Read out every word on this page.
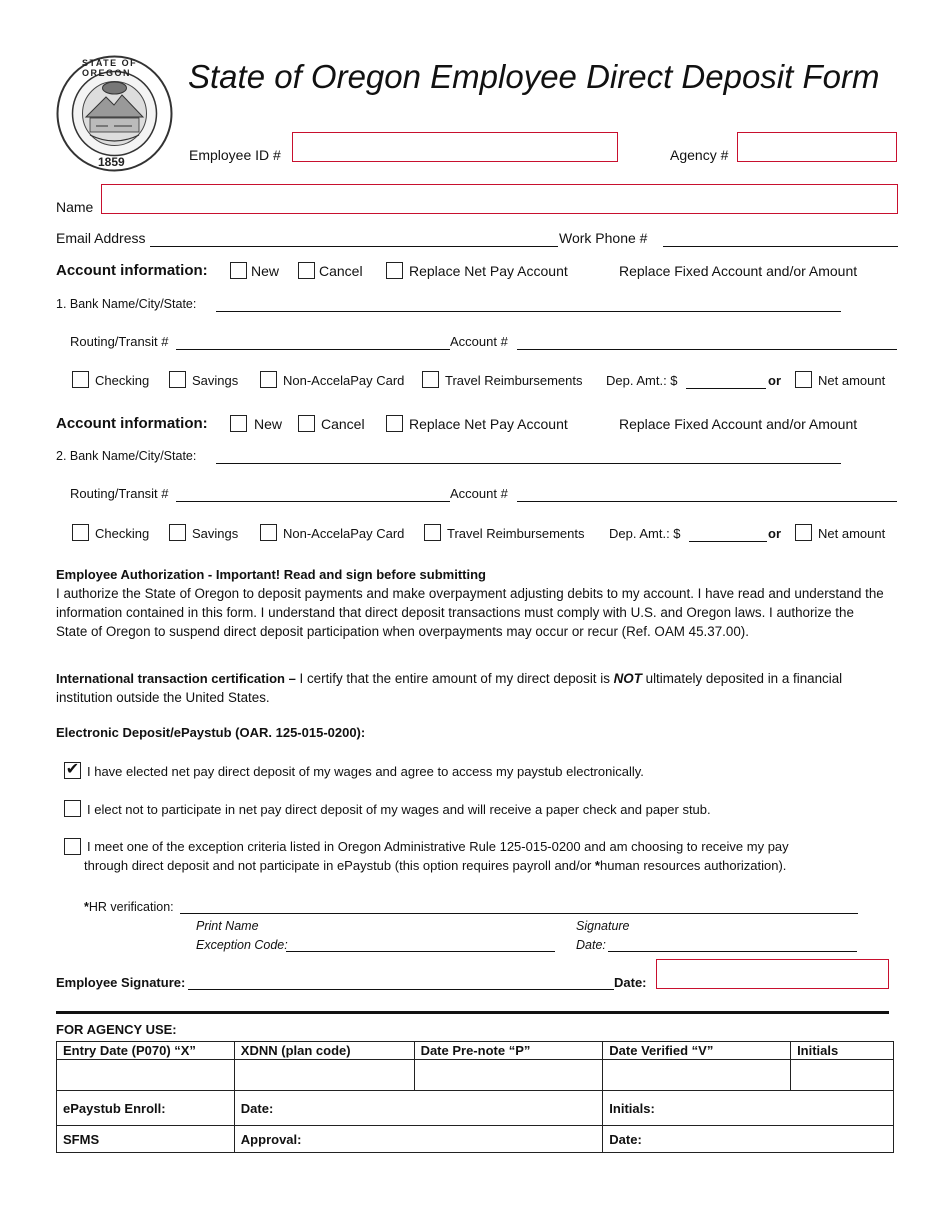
STATE OF OREGON
1859
State of Oregon Employee Direct Deposit Form
Employee ID #	Agency #
Name
Email Address	Work Phone #
Account information:	New	Cancel	Replace Net Pay Account	Replace Fixed Account and/or Amount
1. Bank Name/City/State:
Routing/Transit #	Account #
Checking	Savings	Non-AccelaPay Card	Travel Reimbursements Dep. Amt.: $	or	Net amount
Account information:	New	Cancel	Replace Net Pay Account	Replace Fixed Account and/or Amount
2. Bank Name/City/State:
Routing/Transit #	Account #
Checking	Savings	Non-AccelaPay Card	Travel Reimbursements Dep. Amt.: $	or	Net amount
Employee Authorization - Important! Read and sign before submitting
I authorize the State of Oregon to deposit payments and make overpayment adjusting debits to my account. I have read and understand the information contained in this form. I understand that direct deposit transactions must comply with U.S. and Oregon laws. I authorize the State of Oregon to suspend direct deposit participation when overpayments may occur or recur (Ref. OAM 45.37.00).
International transaction certification – I certify that the entire amount of my direct deposit is NOT ultimately deposited in a financial institution outside the United States.
Electronic Deposit/ePaystub (OAR. 125-015-0200):
✔ I have elected net pay direct deposit of my wages and agree to access my paystub electronically.
I elect not to participate in net pay direct deposit of my wages and will receive a paper check and paper stub.
I meet one of the exception criteria listed in Oregon Administrative Rule 125-015-0200 and am choosing to receive my pay
through direct deposit and not participate in ePaystub (this option requires payroll and/or *human resources authorization).
*HR verification:
Print Name	Signature
Exception Code:	Date:
Employee Signature:	Date:
FOR AGENCY USE:
Entry Date (P070) “X”	XDNN (plan code)	Date Pre-note “P”	Date Verified “V”	Initials

ePaystub Enroll:	Date:		Initials:	
SFMS	Approval:		Date:	
